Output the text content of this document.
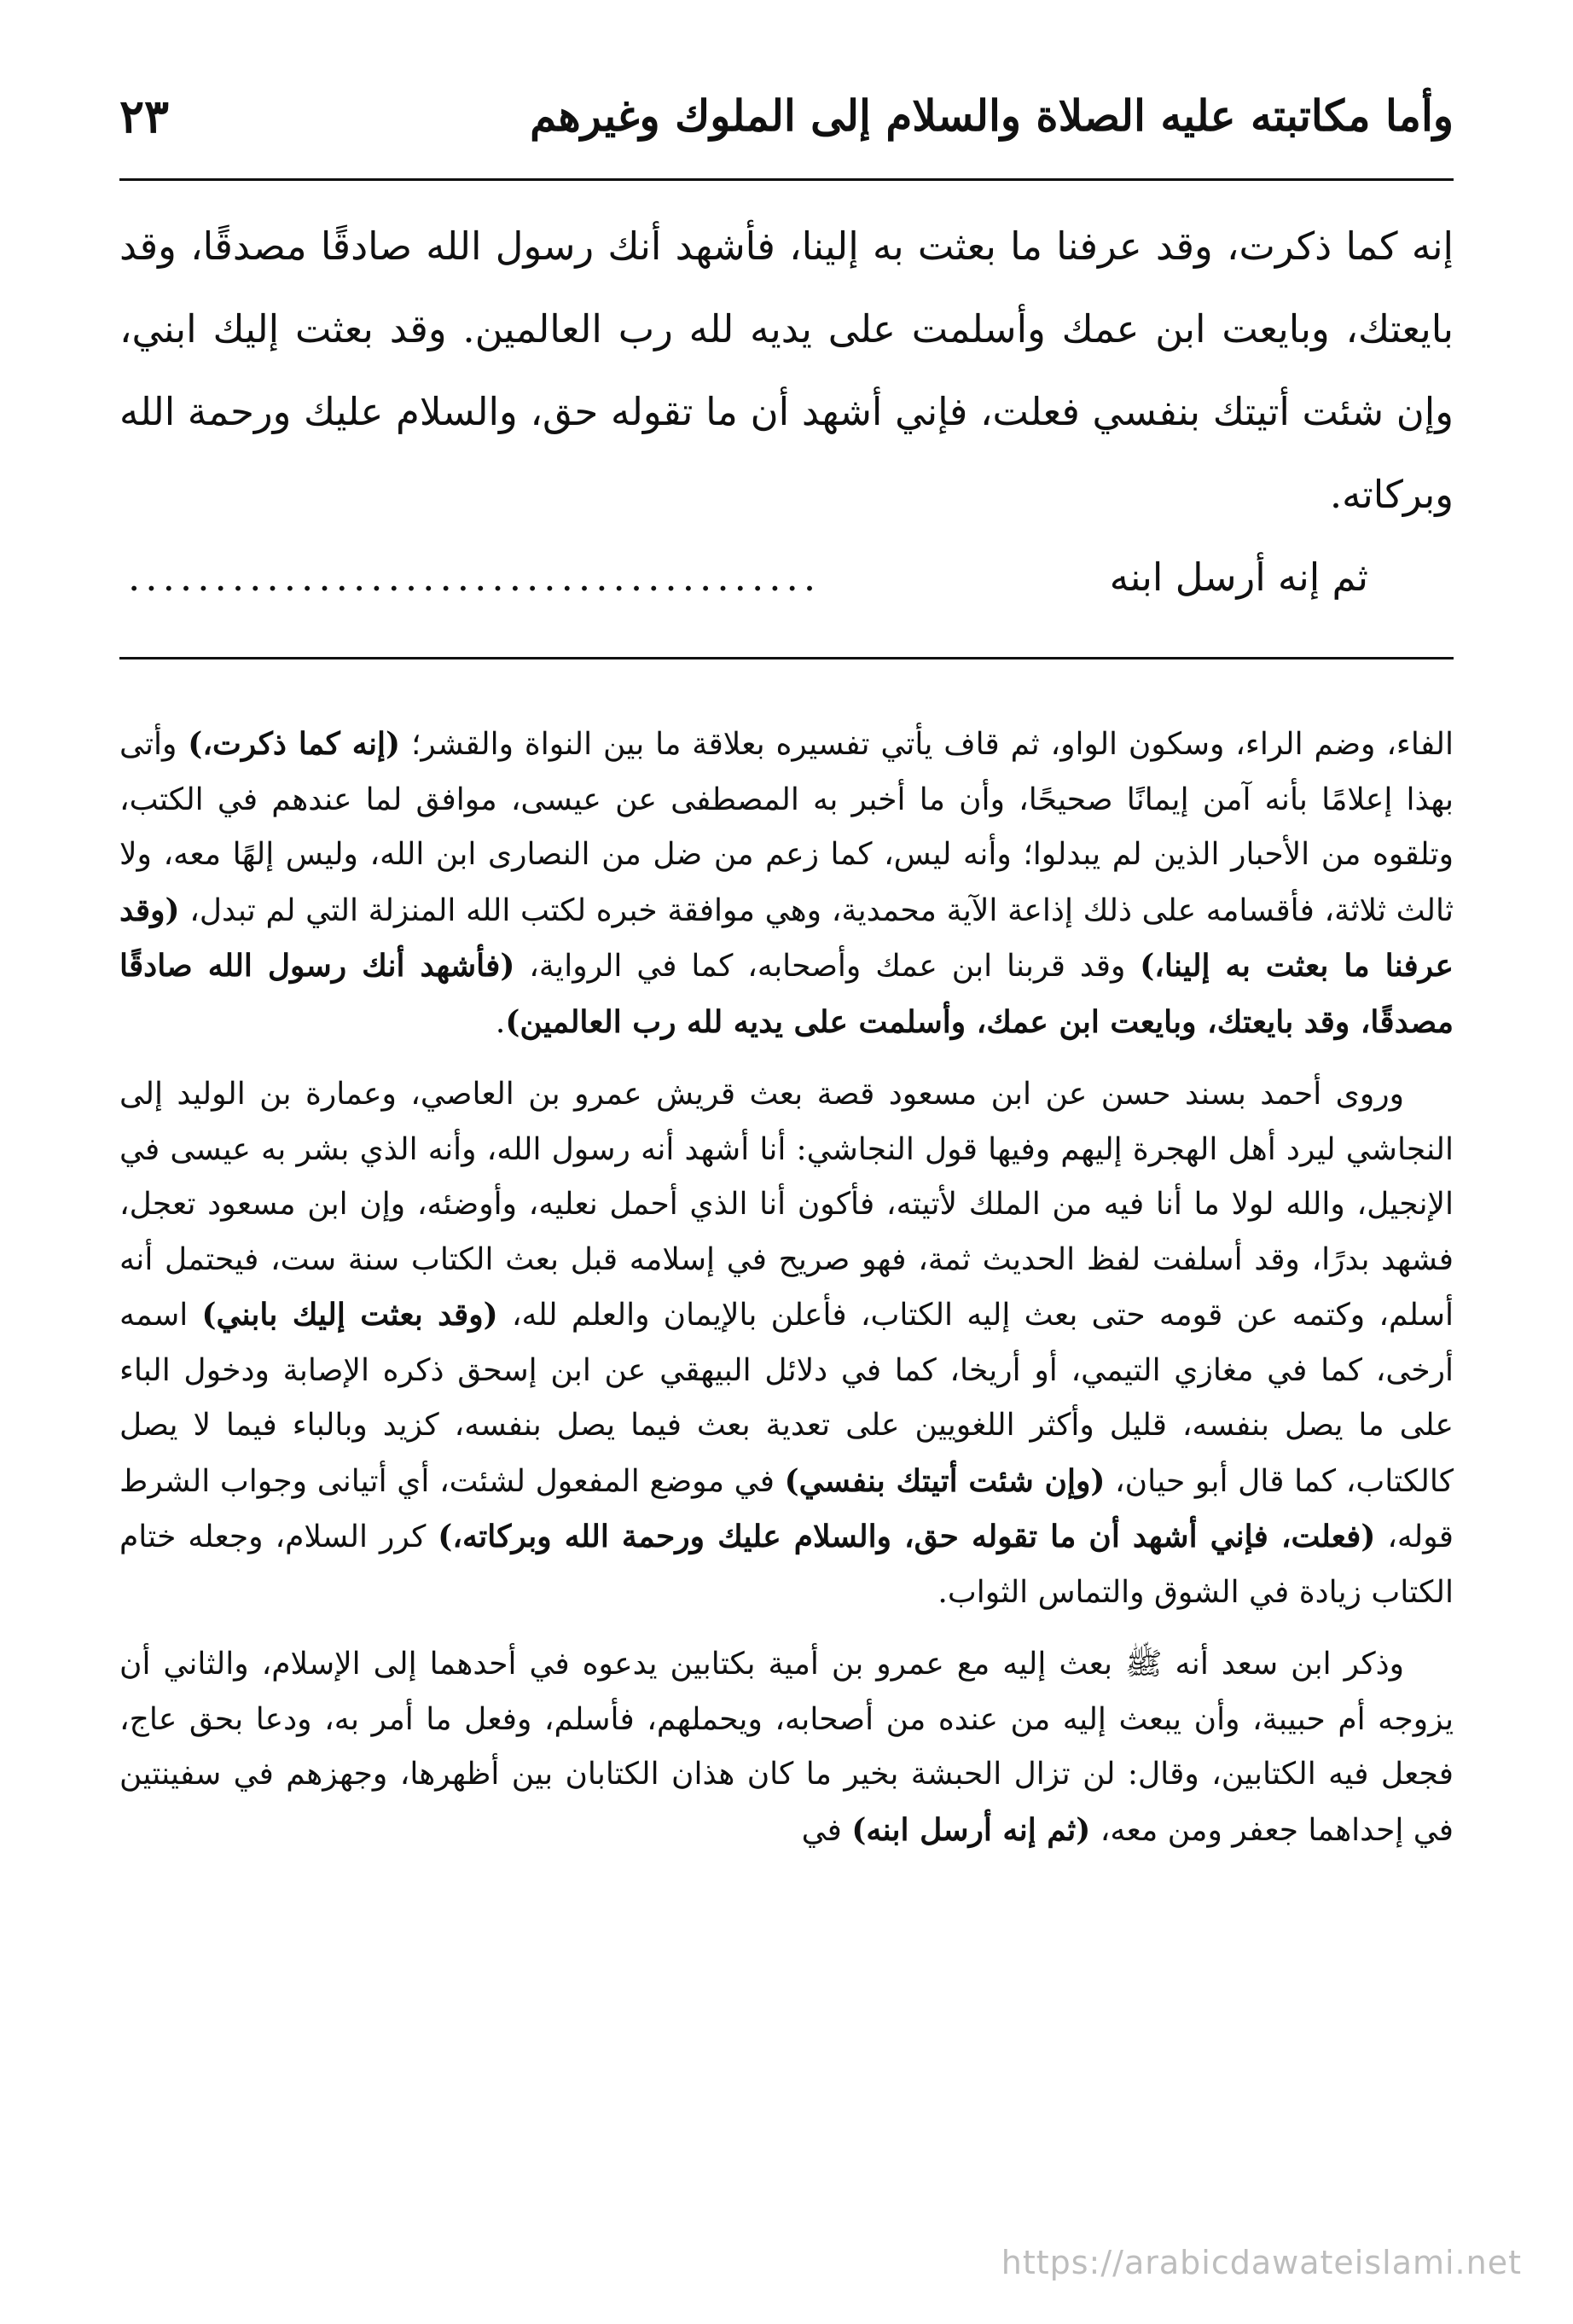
٢٣	وأما مكاتبته عليه الصلاة والسلام إلى الملوك وغيرهم

إنه كما ذكرت، وقد عرفنا ما بعثت به إلينا، فأشهد أنك رسول الله صادقًا مصدقًا، وقد بايعتك، وبايعت ابن عمك وأسلمت على يديه لله رب العالمين. وقد بعثت إليك ابني، وإن شئت أتيتك بنفسي فعلت، فإني أشهد أن ما تقوله حق، والسلام عليك ورحمة الله وبركاته.

ثم إنه أرسل ابنه
........................................

الفاء، وضم الراء، وسكون الواو، ثم قاف يأتي تفسيره بعلاقة ما بين النواة والقشر؛ (إنه كما ذكرت،) وأتى بهذا إعلامًا بأنه آمن إيمانًا صحيحًا، وأن ما أخبر به المصطفى عن عيسى، موافق لما عندهم في الكتب، وتلقوه من الأحبار الذين لم يبدلوا؛ وأنه ليس، كما زعم من ضل من النصارى ابن الله، وليس إلهًا معه، ولا ثالث ثلاثة، فأقسامه على ذلك إذاعة الآية محمدية، وهي موافقة خبره لكتب الله المنزلة التي لم تبدل، (وقد عرفنا ما بعثت به إلينا،) وقد قربنا ابن عمك وأصحابه، كما في الرواية، (فأشهد أنك رسول الله صادقًا مصدقًا، وقد بايعتك، وبايعت ابن عمك، وأسلمت على يديه لله رب العالمين).

وروى أحمد بسند حسن عن ابن مسعود قصة بعث قريش عمرو بن العاصي، وعمارة بن الوليد إلى النجاشي ليرد أهل الهجرة إليهم وفيها قول النجاشي: أنا أشهد أنه رسول الله، وأنه الذي بشر به عيسى في الإنجيل، والله لولا ما أنا فيه من الملك لأتيته، فأكون أنا الذي أحمل نعليه، وأوضئه، وإن ابن مسعود تعجل، فشهد بدرًا، وقد أسلفت لفظ الحديث ثمة، فهو صريح في إسلامه قبل بعث الكتاب سنة ست، فيحتمل أنه أسلم، وكتمه عن قومه حتى بعث إليه الكتاب، فأعلن بالإيمان والعلم لله، (وقد بعثت إليك بابني) اسمه أرخى، كما في مغازي التيمي، أو أريخا، كما في دلائل البيهقي عن ابن إسحق ذكره الإصابة ودخول الباء على ما يصل بنفسه، قليل وأكثر اللغويين على تعدية بعث فيما يصل بنفسه، كزيد وبالباء فيما لا يصل كالكتاب، كما قال أبو حيان، (وإن شئت أتيتك بنفسي) في موضع المفعول لشئت، أي أتيانى وجواب الشرط قوله، (فعلت، فإني أشهد أن ما تقوله حق، والسلام عليك ورحمة الله وبركاته،) كرر السلام، وجعله ختام الكتاب زيادة في الشوق والتماس الثواب.

وذكر ابن سعد أنه ﷺ بعث إليه مع عمرو بن أمية بكتابين يدعوه في أحدهما إلى الإسلام، والثاني أن يزوجه أم حبيبة، وأن يبعث إليه من عنده من أصحابه، ويحملهم، فأسلم، وفعل ما أمر به، ودعا بحق عاج، فجعل فيه الكتابين، وقال: لن تزال الحبشة بخير ما كان هذان الكتابان بين أظهرها، وجهزهم في سفينتين في إحداهما جعفر ومن معه، (ثم إنه أرسل ابنه) في

https://arabicdawateislami.net
